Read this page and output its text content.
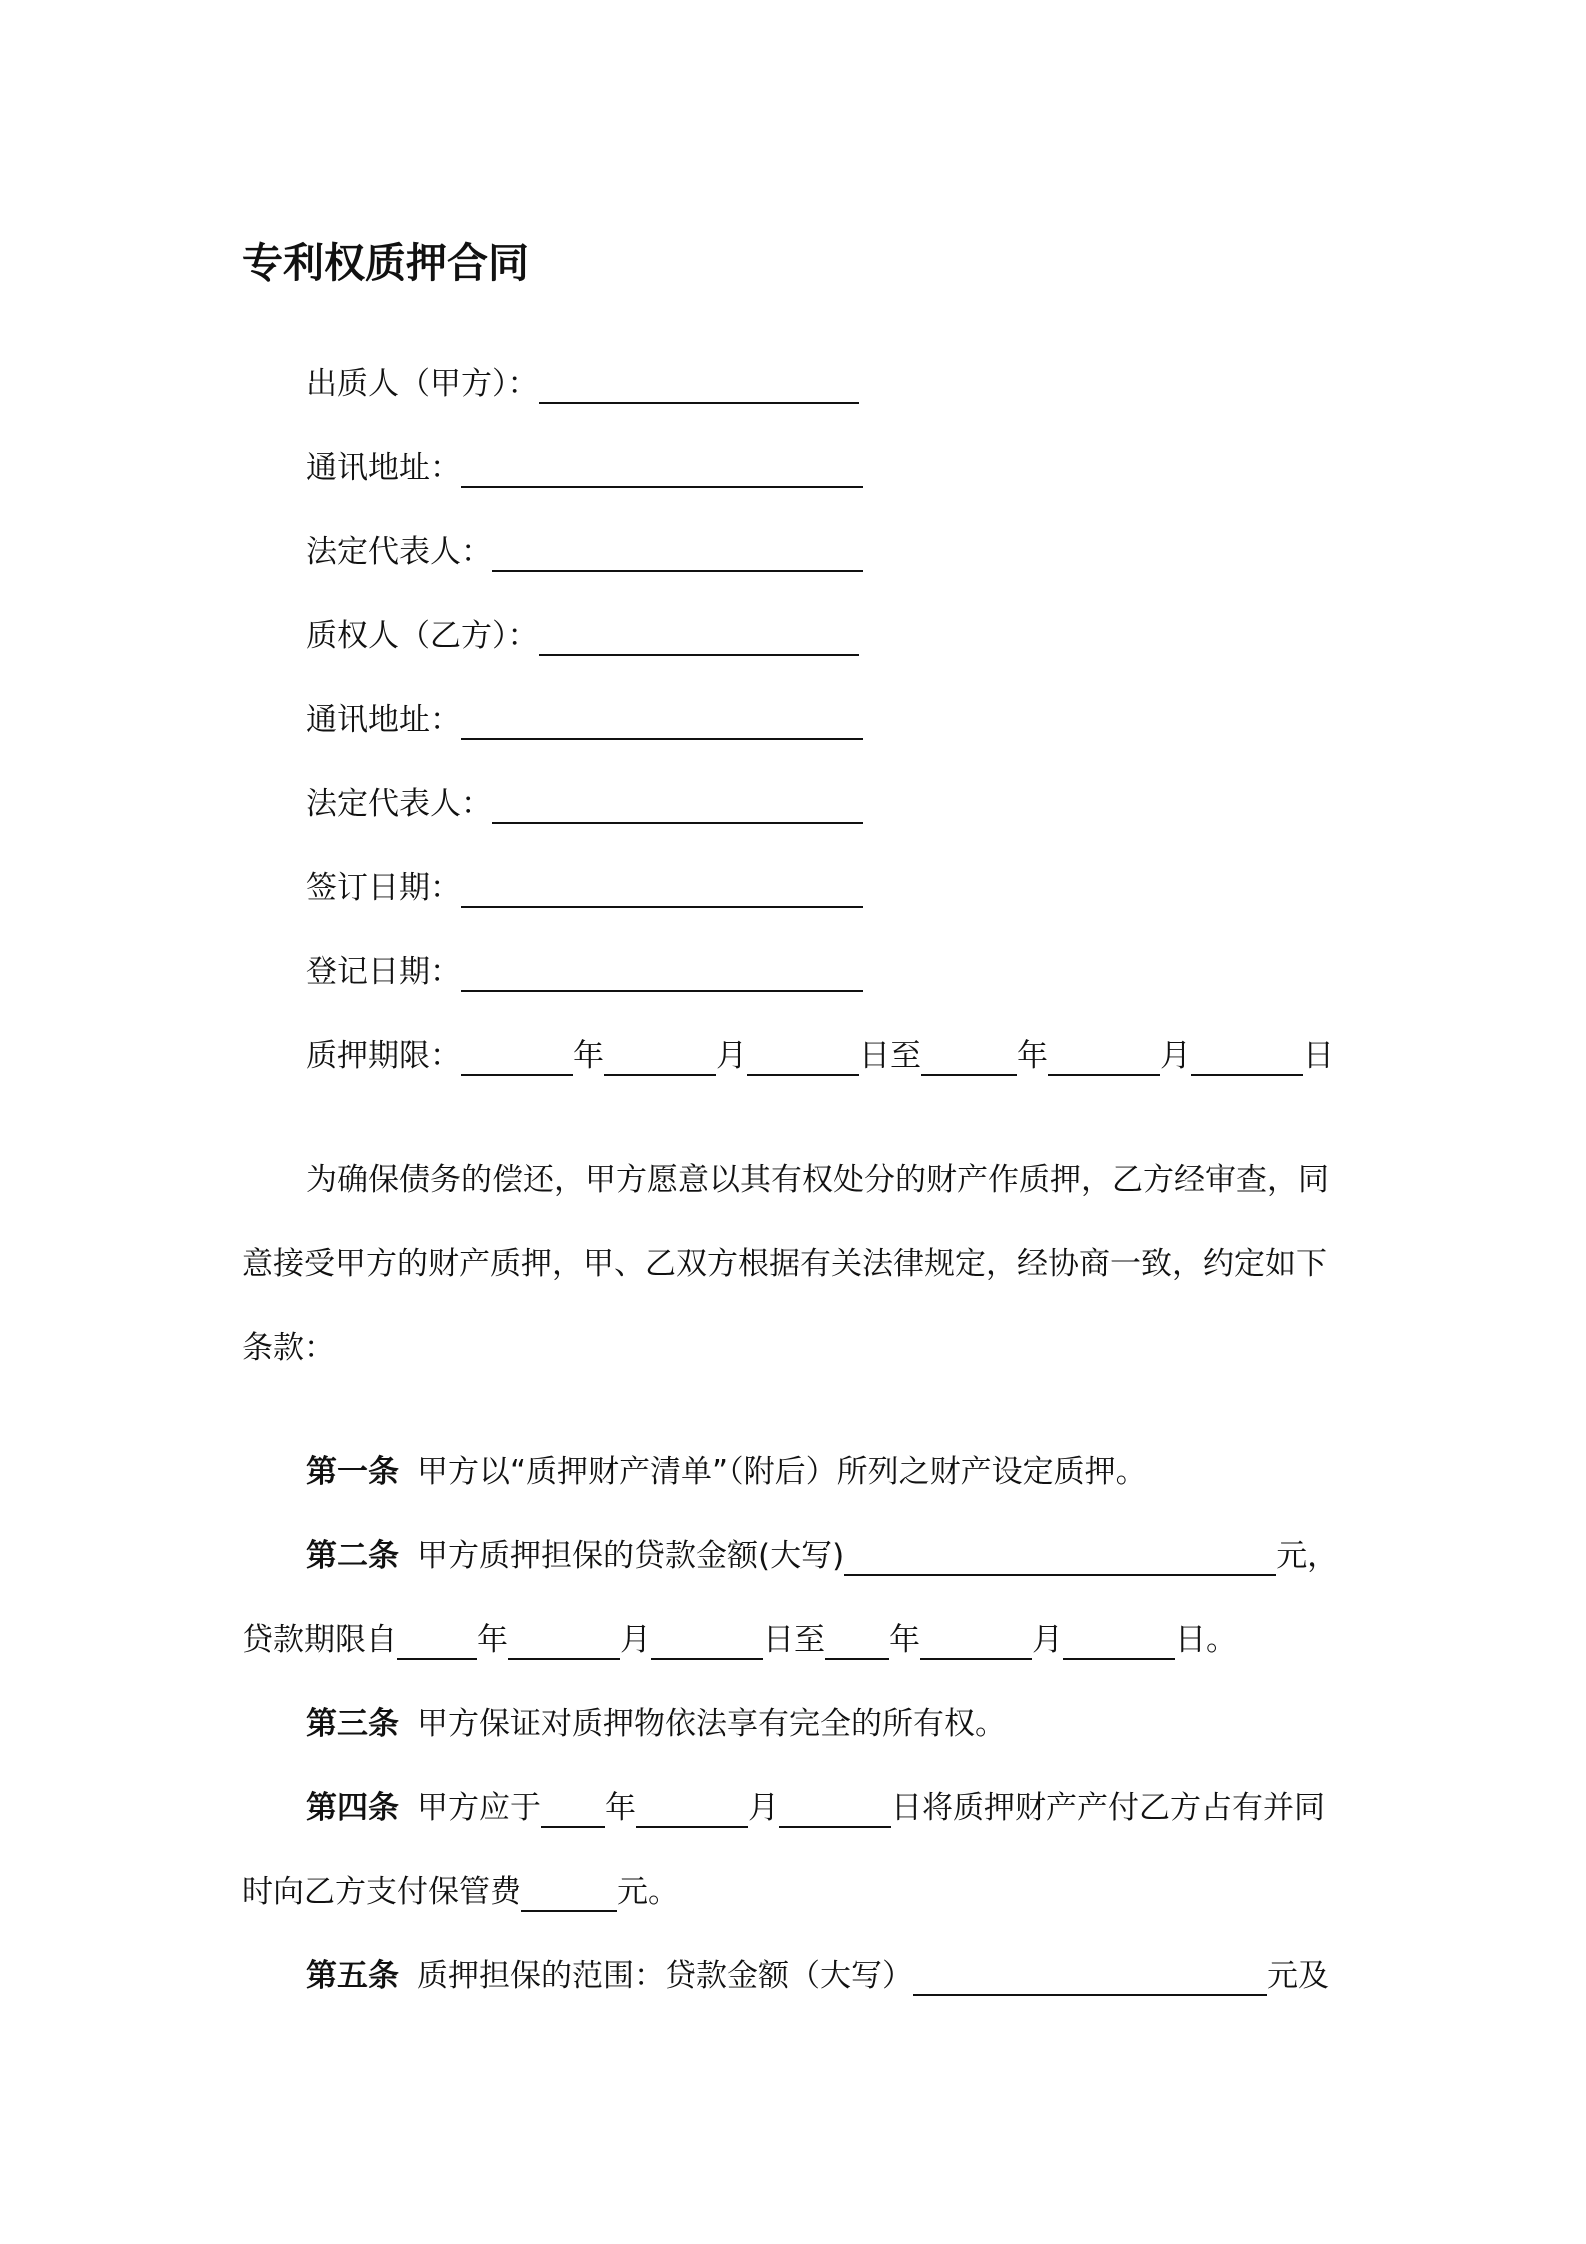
专利权质押合同
出质人（甲方）：
通讯地址：
法定代表人：
质权人（乙方）：
通讯地址：
法定代表人：
签订日期：
登记日期：
质押期限：	年	月	日至	年	月	日
为确保债务的偿还，甲方愿意以其有权处分的财产作质押，乙方经审查，同
意接受甲方的财产质押，甲、乙双方根据有关法律规定，经协商一致，约定如下
条款：
第一条 甲方以“质押财产清单”（附后）所列之财产设定质押。
第二条 甲方质押担保的贷款金额(大写)	元，
贷款期限自	年	月	日至 年	月	日。
第三条 甲方保证对质押物依法享有完全的所有权。
第四条 甲方应于 年	月	日将质押财产产付乙方占有并同
时向乙方支付保管费	元。
第五条 质押担保的范围：贷款金额（大写）	元及
